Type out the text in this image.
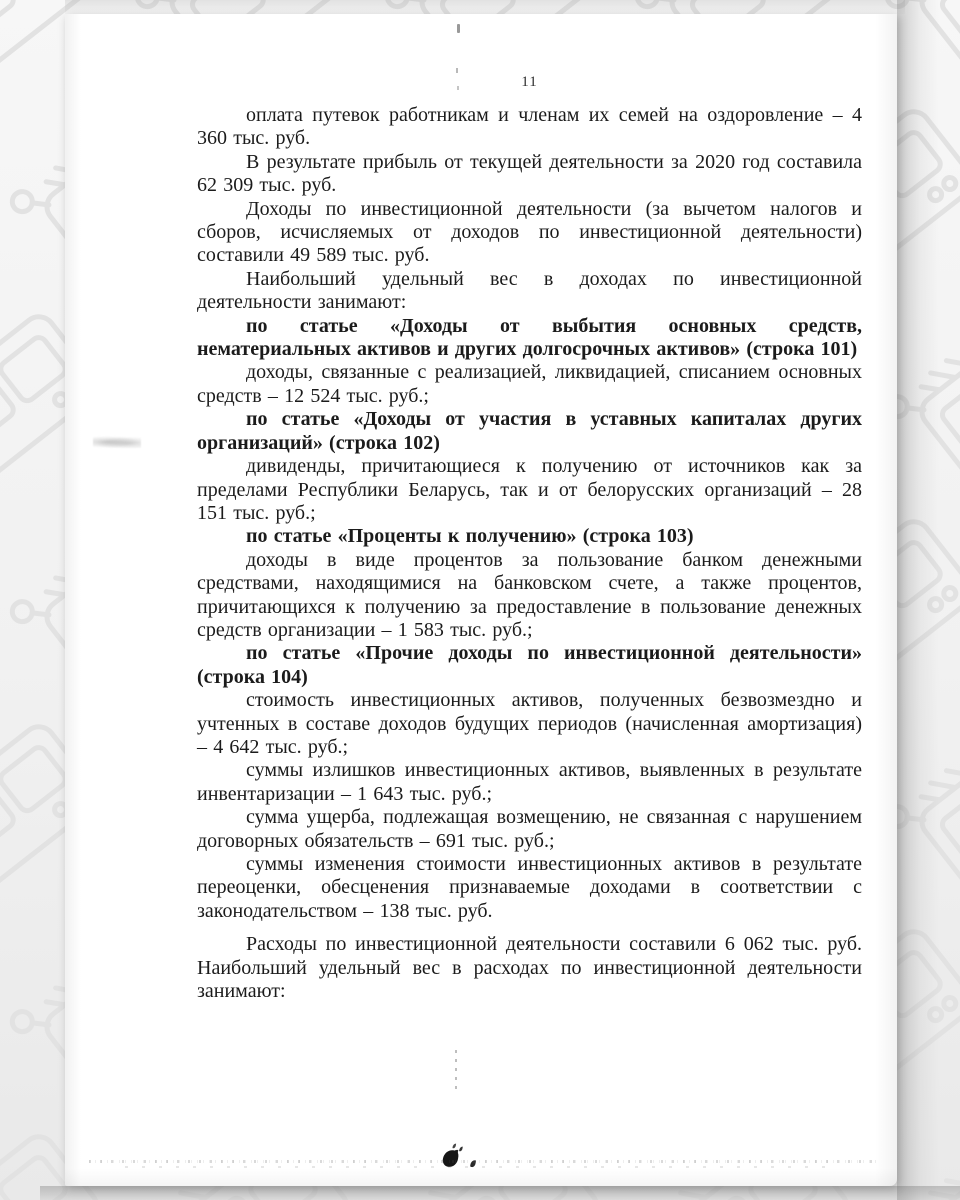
11

оплата путевок работникам и членам их семей на оздоровление – 4 360 тыс. руб.

В результате прибыль от текущей деятельности за 2020 год составила 62 309 тыс. руб.

Доходы по инвестиционной деятельности (за вычетом налогов и сборов, исчисляемых от доходов по инвестиционной деятельности) составили 49 589 тыс. руб.

Наибольший удельный вес в доходах по инвестиционной деятельности занимают:

по статье «Доходы от выбытия основных средств, нематериальных активов и других долгосрочных активов» (строка 101)

доходы, связанные с реализацией, ликвидацией, списанием основных средств – 12 524 тыс. руб.;

по статье «Доходы от участия в уставных капиталах других организаций» (строка 102)

дивиденды, причитающиеся к получению от источников как за пределами Республики Беларусь, так и от белорусских организаций – 28 151 тыс. руб.;

по статье «Проценты к получению» (строка 103)

доходы в виде процентов за пользование банком денежными средствами, находящимися на банковском счете, а также процентов, причитающихся к получению за предоставление в пользование денежных средств организации – 1 583 тыс. руб.;

по статье «Прочие доходы по инвестиционной деятельности» (строка 104)

стоимость инвестиционных активов, полученных безвозмездно и учтенных в составе доходов будущих периодов (начисленная амортизация) – 4 642 тыс. руб.;

суммы излишков инвестиционных активов, выявленных в результате инвентаризации – 1 643 тыс. руб.;

сумма ущерба, подлежащая возмещению, не связанная с нарушением договорных обязательств – 691 тыс. руб.;

суммы изменения стоимости инвестиционных активов в результате переоценки, обесценения признаваемые доходами в соответствии с законодательством – 138 тыс. руб.

Расходы по инвестиционной деятельности составили 6 062 тыс. руб. Наибольший удельный вес в расходах по инвестиционной деятельности занимают:
